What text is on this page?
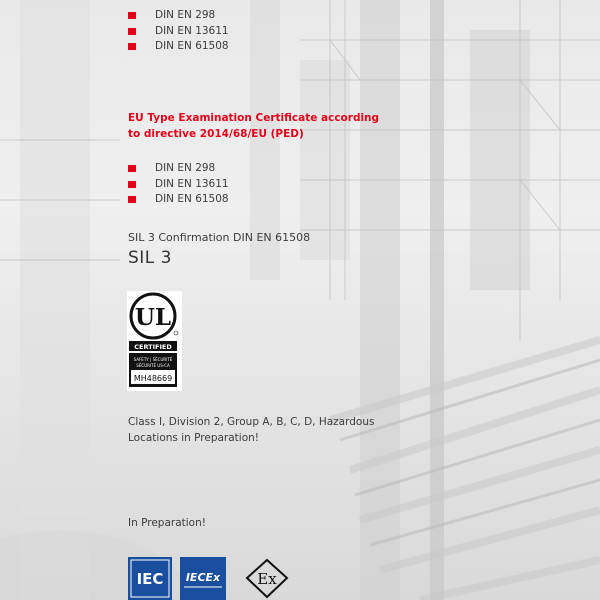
DIN EN 298
DIN EN 13611
DIN EN 61508
EU Type Examination Certificate according to directive 2014/68/EU (PED)
DIN EN 298
DIN EN 13611
DIN EN 61508
SIL 3 Confirmation DIN EN 61508
SIL 3
UL
CERTIFIED
SAFETY | SÉCURITÉ
SÉCURITÉ US-CA
MH48669
Class I, Division 2, Group A, B, C, D, Hazardous Locations in Preparation!
In Preparation!
IEC IECEx Ex
